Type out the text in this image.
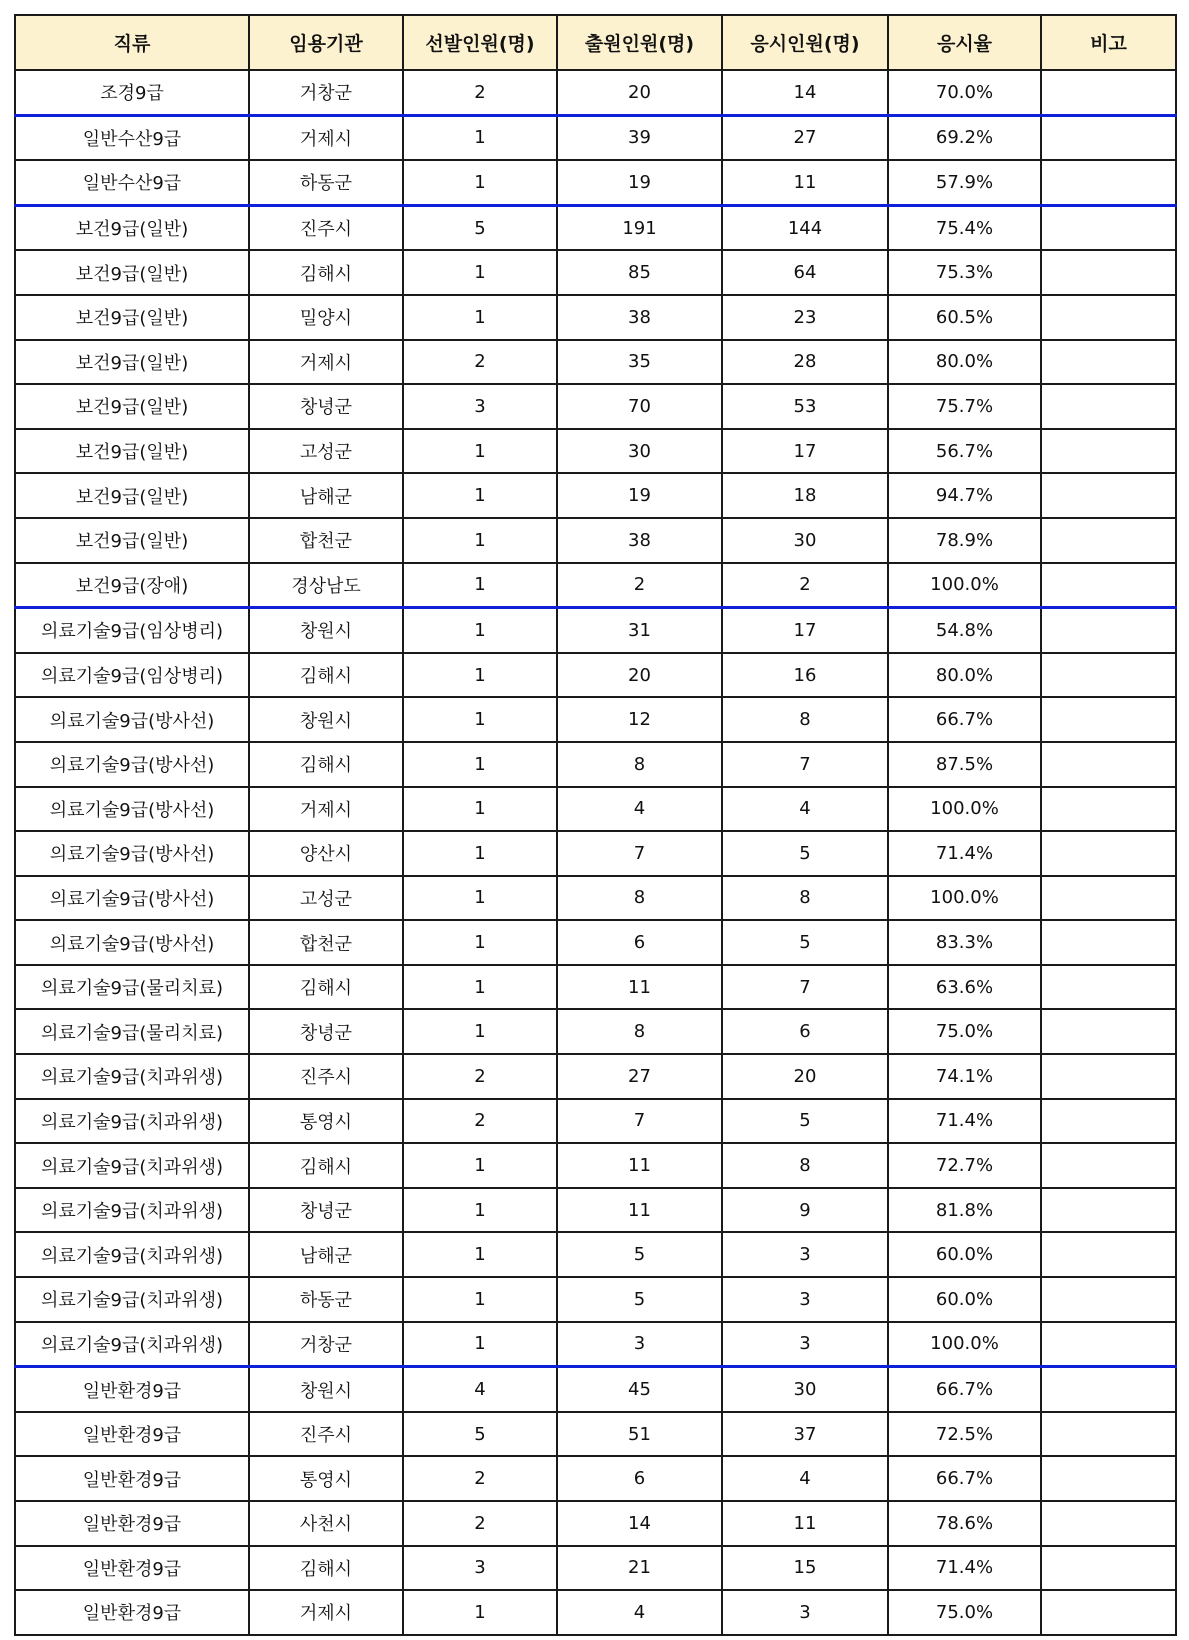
직류	임용기관	선발인원(명)	출원인원(명)	응시인원(명)	응시율	비고
조경9급	거창군	2	20	14	70.0%	
일반수산9급	거제시	1	39	27	69.2%	
일반수산9급	하동군	1	19	11	57.9%	
보건9급(일반)	진주시	5	191	144	75.4%	
보건9급(일반)	김해시	1	85	64	75.3%	
보건9급(일반)	밀양시	1	38	23	60.5%	
보건9급(일반)	거제시	2	35	28	80.0%	
보건9급(일반)	창녕군	3	70	53	75.7%	
보건9급(일반)	고성군	1	30	17	56.7%	
보건9급(일반)	남해군	1	19	18	94.7%	
보건9급(일반)	합천군	1	38	30	78.9%	
보건9급(장애)	경상남도	1	2	2	100.0%	
의료기술9급(임상병리)	창원시	1	31	17	54.8%	
의료기술9급(임상병리)	김해시	1	20	16	80.0%	
의료기술9급(방사선)	창원시	1	12	8	66.7%	
의료기술9급(방사선)	김해시	1	8	7	87.5%	
의료기술9급(방사선)	거제시	1	4	4	100.0%	
의료기술9급(방사선)	양산시	1	7	5	71.4%	
의료기술9급(방사선)	고성군	1	8	8	100.0%	
의료기술9급(방사선)	합천군	1	6	5	83.3%	
의료기술9급(물리치료)	김해시	1	11	7	63.6%	
의료기술9급(물리치료)	창녕군	1	8	6	75.0%	
의료기술9급(치과위생)	진주시	2	27	20	74.1%	
의료기술9급(치과위생)	통영시	2	7	5	71.4%	
의료기술9급(치과위생)	김해시	1	11	8	72.7%	
의료기술9급(치과위생)	창녕군	1	11	9	81.8%	
의료기술9급(치과위생)	남해군	1	5	3	60.0%	
의료기술9급(치과위생)	하동군	1	5	3	60.0%	
의료기술9급(치과위생)	거창군	1	3	3	100.0%	
일반환경9급	창원시	4	45	30	66.7%	
일반환경9급	진주시	5	51	37	72.5%	
일반환경9급	통영시	2	6	4	66.7%	
일반환경9급	사천시	2	14	11	78.6%	
일반환경9급	김해시	3	21	15	71.4%	
일반환경9급	거제시	1	4	3	75.0%	
